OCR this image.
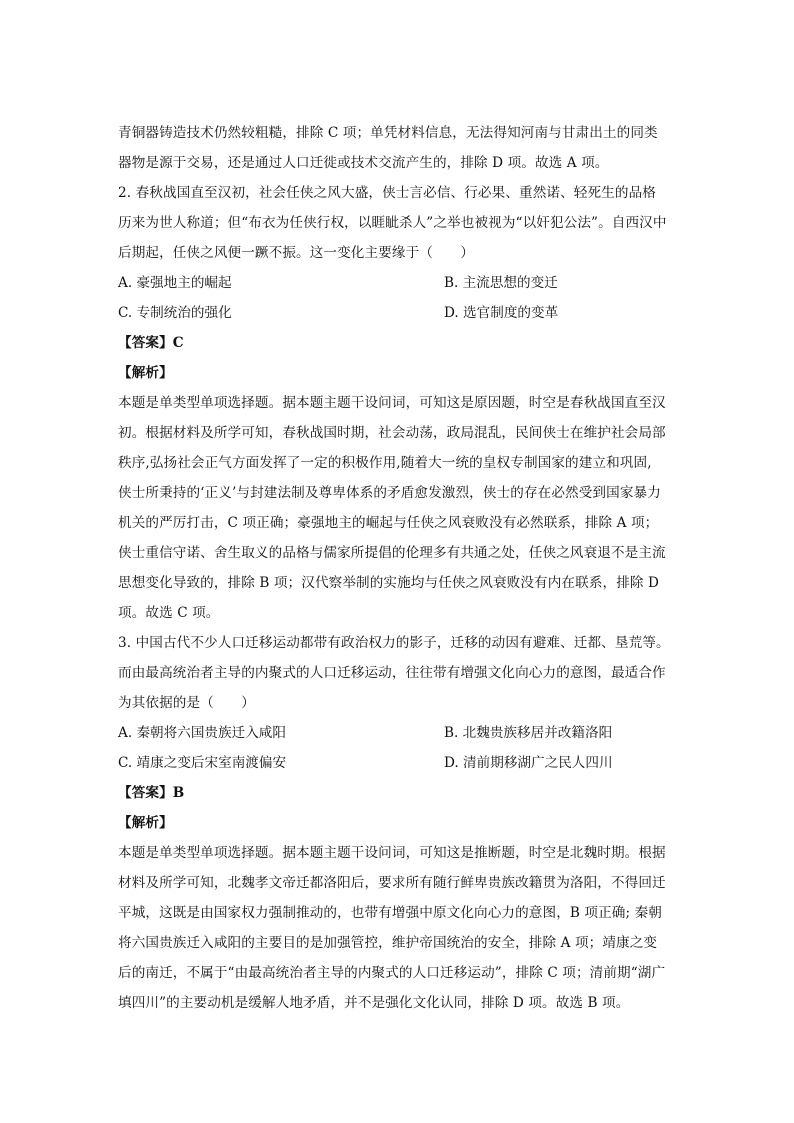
青铜器铸造技术仍然较粗糙，排除 C 项；单凭材料信息，无法得知河南与甘肃出土的同类
器物是源于交易，还是通过人口迁徙或技术交流产生的，排除 D 项。故选 A 项。
2. 春秋战国直至汉初，社会任侠之风大盛，侠士言必信、行必果、重然诺、轻死生的品格
历来为世人称道；但“布衣为任侠行权，以睚眦杀人”之举也被视为“以奸犯公法”。自西汉中
后期起，任侠之风便一蹶不振。这一变化主要缘于（　　）
A. 豪强地主的崛起	B. 主流思想的变迁
C. 专制统治的强化	D. 选官制度的变革
【答案】C
【解析】
本题是单类型单项选择题。据本题主题干设问词，可知这是原因题，时空是春秋战国直至汉
初。根据材料及所学可知，春秋战国时期，社会动荡，政局混乱，民间侠士在维护社会局部
秩序,弘扬社会正气方面发挥了一定的积极作用,随着大一统的皇权专制国家的建立和巩固,
侠士所秉持的‘正义’与封建法制及尊卑体系的矛盾愈发激烈，侠士的存在必然受到国家暴力
机关的严厉打击，C 项正确；豪强地主的崛起与任侠之风衰败没有必然联系，排除 A 项；
侠士重信守诺、舍生取义的品格与儒家所提倡的伦理多有共通之处，任侠之风衰退不是主流
思想变化导致的，排除 B 项；汉代察举制的实施均与任侠之风衰败没有内在联系，排除 D
项。故选 C 项。
3. 中国古代不少人口迁移运动都带有政治权力的影子，迁移的动因有避难、迁都、垦荒等。
而由最高统治者主导的内聚式的人口迁移运动，往往带有增强文化向心力的意图，最适合作
为其依据的是（　　）
A. 秦朝将六国贵族迁入咸阳	B. 北魏贵族移居并改籍洛阳
C. 靖康之变后宋室南渡偏安	D. 清前期移湖广之民人四川
【答案】B
【解析】
本题是单类型单项选择题。据本题主题干设问词，可知这是推断题，时空是北魏时期。根据
材料及所学可知，北魏孝文帝迁都洛阳后，要求所有随行鲜卑贵族改籍贯为洛阳，不得回迁
平城，这既是由国家权力强制推动的，也带有增强中原文化向心力的意图，B 项正确; 秦朝
将六国贵族迁入咸阳的主要目的是加强管控，维护帝国统治的安全，排除 A 项；靖康之变
后的南迁，不属于“由最高统治者主导的内聚式的人口迁移运动”，排除 C 项；清前期“湖广
填四川”的主要动机是缓解人地矛盾，并不是强化文化认同，排除 D 项。故选 B 项。
